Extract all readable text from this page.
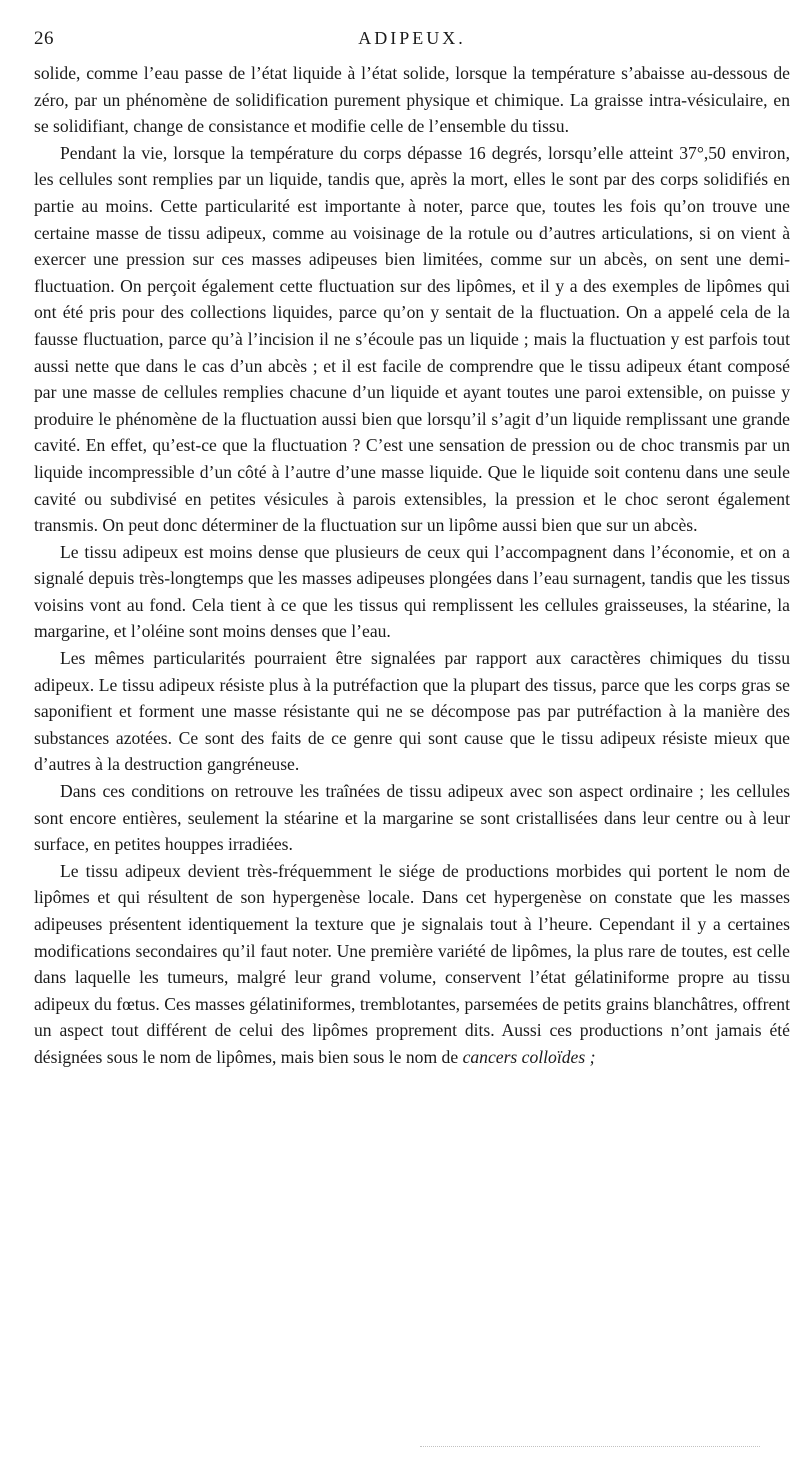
26	ADIPEUX.

solide, comme l’eau passe de l’état liquide à l’état solide, lorsque la température s’abaisse au-dessous de zéro, par un phénomène de solidification purement physique et chimique. La graisse intra-vésiculaire, en se solidifiant, change de consistance et modifie celle de l’ensemble du tissu.

Pendant la vie, lorsque la température du corps dépasse 16 degrés, lorsqu’elle atteint 37°,50 environ, les cellules sont remplies par un liquide, tandis que, après la mort, elles le sont par des corps solidifiés en partie au moins. Cette particularité est importante à noter, parce que, toutes les fois qu’on trouve une certaine masse de tissu adipeux, comme au voisinage de la rotule ou d’autres articulations, si on vient à exercer une pression sur ces masses adipeuses bien limitées, comme sur un abcès, on sent une demi-fluctuation. On perçoit également cette fluctuation sur des lipômes, et il y a des exemples de lipômes qui ont été pris pour des collections liquides, parce qu’on y sentait de la fluctuation. On a appelé cela de la fausse fluctuation, parce qu’à l’incision il ne s’écoule pas un liquide ; mais la fluctuation y est parfois tout aussi nette que dans le cas d’un abcès ; et il est facile de comprendre que le tissu adipeux étant composé par une masse de cellules remplies chacune d’un liquide et ayant toutes une paroi extensible, on puisse y produire le phénomène de la fluctuation aussi bien que lorsqu’il s’agit d’un liquide remplissant une grande cavité. En effet, qu’est-ce que la fluctuation ? C’est une sensation de pression ou de choc transmis par un liquide incompressible d’un côté à l’autre d’une masse liquide. Que le liquide soit contenu dans une seule cavité ou subdivisé en petites vésicules à parois extensibles, la pression et le choc seront également transmis. On peut donc déterminer de la fluctuation sur un lipôme aussi bien que sur un abcès.

Le tissu adipeux est moins dense que plusieurs de ceux qui l’accompagnent dans l’économie, et on a signalé depuis très-longtemps que les masses adipeuses plongées dans l’eau surnagent, tandis que les tissus voisins vont au fond. Cela tient à ce que les tissus qui remplissent les cellules graisseuses, la stéarine, la margarine, et l’oléine sont moins denses que l’eau.

Les mêmes particularités pourraient être signalées par rapport aux caractères chimiques du tissu adipeux. Le tissu adipeux résiste plus à la putréfaction que la plupart des tissus, parce que les corps gras se saponifient et forment une masse résistante qui ne se décompose pas par putréfaction à la manière des substances azotées. Ce sont des faits de ce genre qui sont cause que le tissu adipeux résiste mieux que d’autres à la destruction gangréneuse.

Dans ces conditions on retrouve les traînées de tissu adipeux avec son aspect ordinaire ; les cellules sont encore entières, seulement la stéarine et la margarine se sont cristallisées dans leur centre ou à leur surface, en petites houppes irradiées.

Le tissu adipeux devient très-fréquemment le siége de productions morbides qui portent le nom de lipômes et qui résultent de son hypergenèse locale. Dans cet hypergenèse on constate que les masses adipeuses présentent identiquement la texture que je signalais tout à l’heure. Cependant il y a certaines modifications secondaires qu’il faut noter. Une première variété de lipômes, la plus rare de toutes, est celle dans laquelle les tumeurs, malgré leur grand volume, conservent l’état gélatiniforme propre au tissu adipeux du fœtus. Ces masses gélatiniformes, tremblotantes, parsemées de petits grains blanchâtres, offrent un aspect tout différent de celui des lipômes proprement dits. Aussi ces productions n’ont jamais été désignées sous le nom de lipômes, mais bien sous le nom de cancers colloïdes ;
